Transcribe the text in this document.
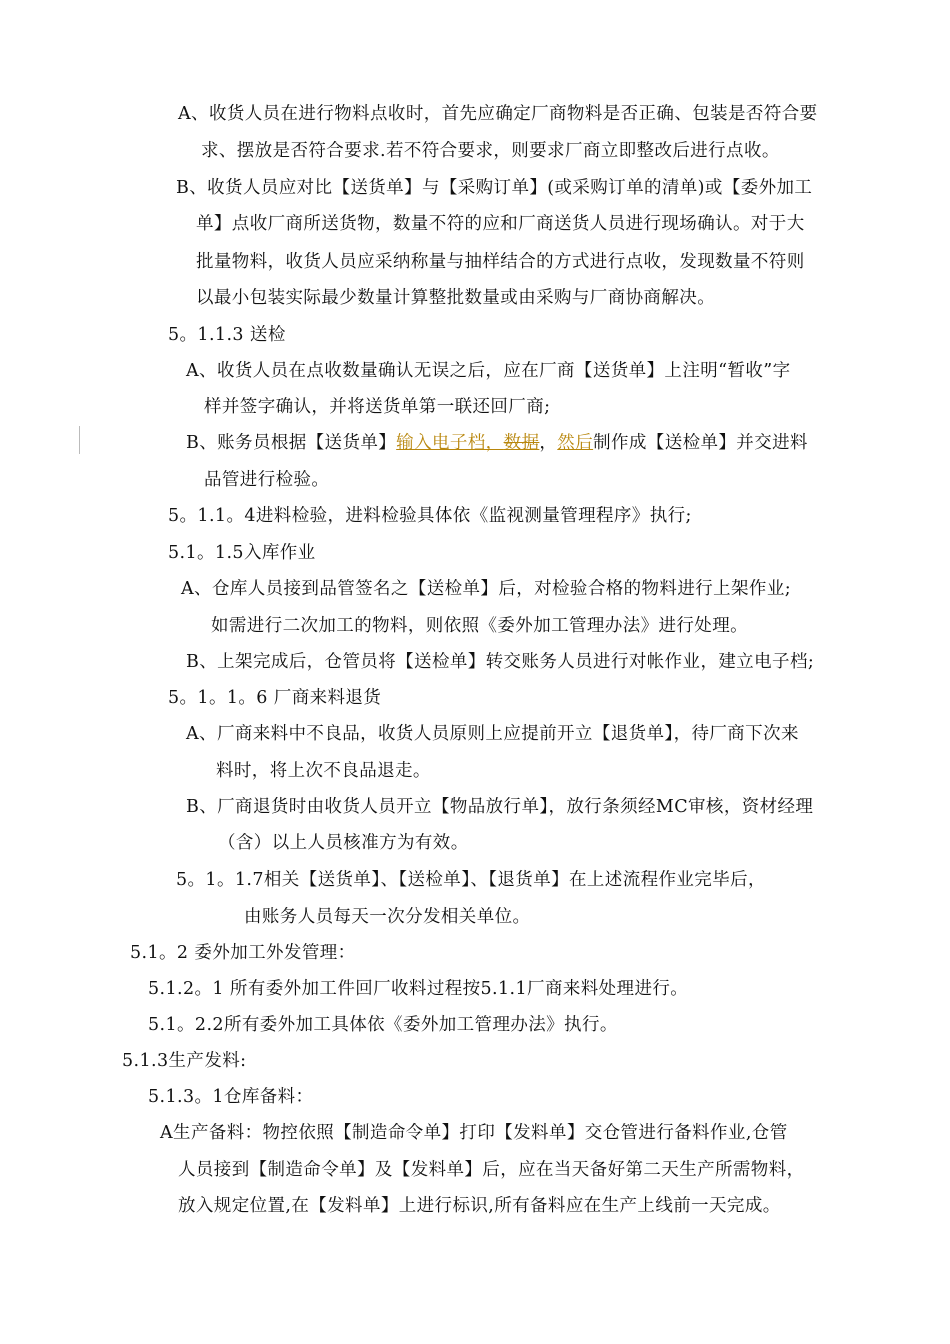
A、收货人员在进行物料点收时，首先应确定厂商物料是否正确、包装是否符合要
求、摆放是否符合要求.若不符合要求，则要求厂商立即整改后进行点收。
B、收货人员应对比【送货单】与【采购订单】(或采购订单的清单)或【委外加工
单】点收厂商所送货物，数量不符的应和厂商送货人员进行现场确认。对于大
批量物料，收货人员应采纳称量与抽样结合的方式进行点收，发现数量不符则
以最小包装实际最少数量计算整批数量或由采购与厂商协商解决。
5。1.1.3 送检
A、收货人员在点收数量确认无误之后，应在厂商【送货单】上注明“暂收”字
样并签字确认，并将送货单第一联还回厂商;
B、账务员根据【送货单】输入电子档，数据，然后制作成【送检单】并交进料
品管进行检验。
5。1.1。4进料检验，进料检验具体依《监视测量管理程序》执行;
5.1。1.5入库作业
A、仓库人员接到品管签名之【送检单】后，对检验合格的物料进行上架作业;
如需进行二次加工的物料，则依照《委外加工管理办法》进行处理。
B、上架完成后，仓管员将【送检单】转交账务人员进行对帐作业，建立电子档;
5。1。1。6 厂商来料退货
A、厂商来料中不良品，收货人员原则上应提前开立【退货单】，待厂商下次来
料时，将上次不良品退走。
B、厂商退货时由收货人员开立【物品放行单】，放行条须经MC审核，资材经理
（含）以上人员核准方为有效。
5。1。1.7相关【送货单】、【送检单】、【退货单】在上述流程作业完毕后，
由账务人员每天一次分发相关单位。
5.1。2 委外加工外发管理：
5.1.2。1 所有委外加工件回厂收料过程按5.1.1厂商来料处理进行。
5.1。2.2所有委外加工具体依《委外加工管理办法》执行。
5.1.3生产发料:
5.1.3。1仓库备料：
A生产备料：物控依照【制造命令单】打印【发料单】交仓管进行备料作业,仓管
人员接到【制造命令单】及【发料单】后，应在当天备好第二天生产所需物料，
放入规定位置,在【发料单】上进行标识,所有备料应在生产上线前一天完成。
